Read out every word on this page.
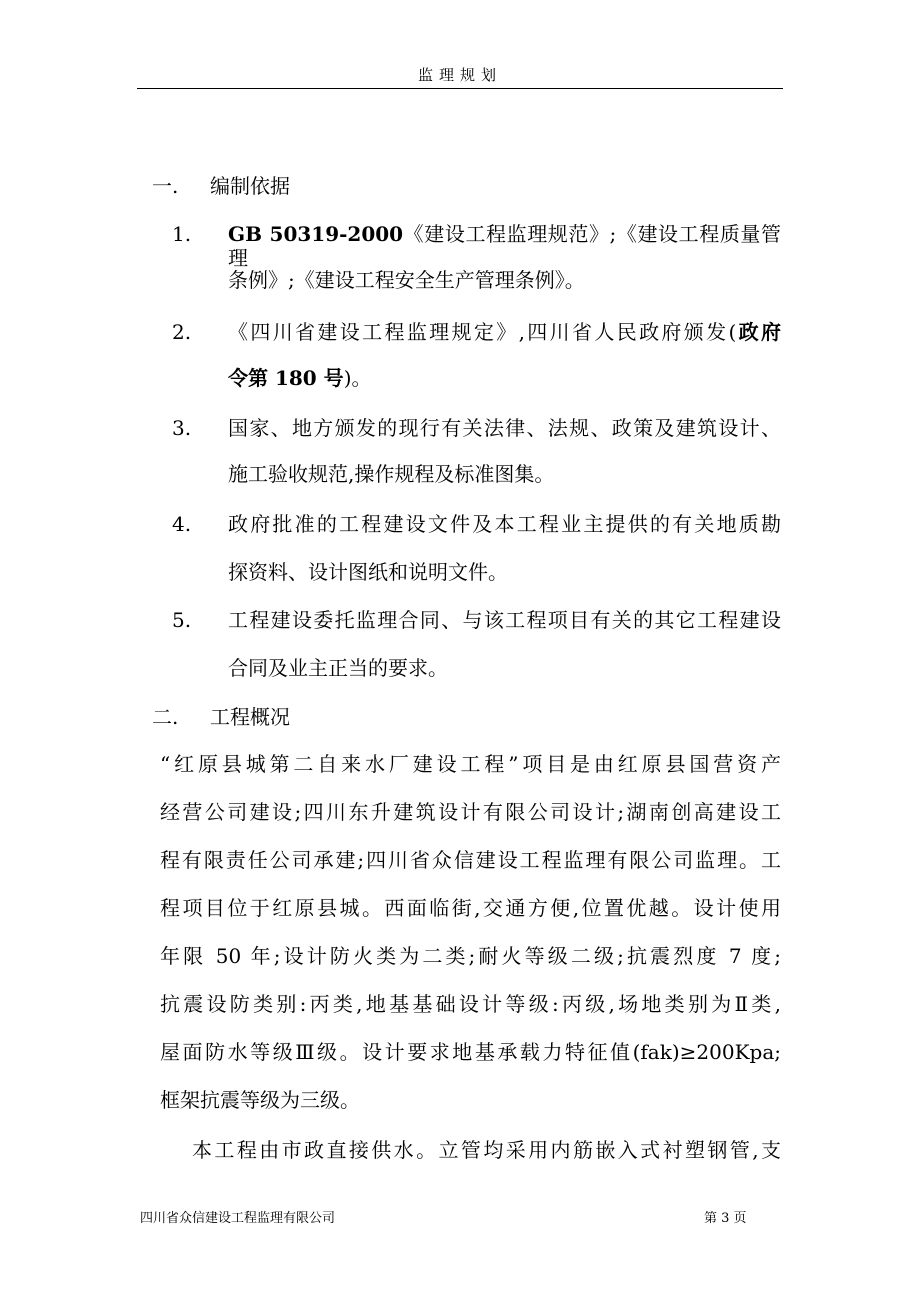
监理规划
一. 编制依据
1. GB 50319-2000《建设工程监理规范》;《建设工程质量管理
条例》;《建设工程安全生产管理条例》。
2. 《四川省建设工程监理规定》,四川省人民政府颁发(政府
令第 180 号)。
3. 国家、地方颁发的现行有关法律、法规、政策及建筑设计、
施工验收规范,操作规程及标准图集。
4. 政府批准的工程建设文件及本工程业主提供的有关地质勘
探资料、设计图纸和说明文件。
5. 工程建设委托监理合同、与该工程项目有关的其它工程建设
合同及业主正当的要求。
二. 工程概况
“红原县城第二自来水厂建设工程”项目是由红原县国营资产
经营公司建设;四川东升建筑设计有限公司设计;湖南创高建设工
程有限责任公司承建;四川省众信建设工程监理有限公司监理。工
程项目位于红原县城。西面临街,交通方便,位置优越。设计使用
年限 50 年;设计防火类为二类;耐火等级二级;抗震烈度 7 度;
抗震设防类别:丙类,地基基础设计等级:丙级,场地类别为Ⅱ类,
屋面防水等级Ⅲ级。设计要求地基承载力特征值(fak)≥200Kpa;
框架抗震等级为三级。
本工程由市政直接供水。立管均采用内筋嵌入式衬塑钢管,支
四川省众信建设工程监理有限公司	第 3 页
